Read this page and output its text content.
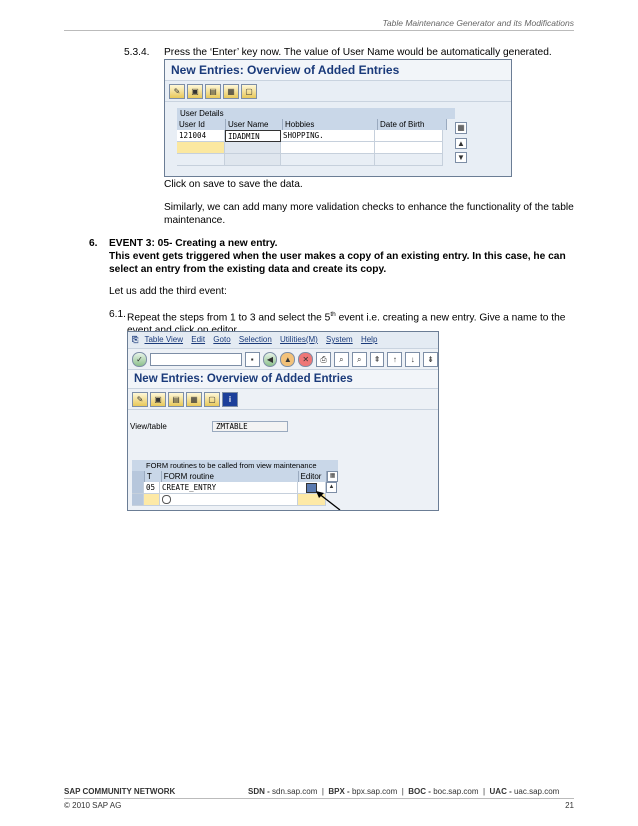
Table Maintenance Generator and its Modifications
5.3.4. Press the ‘Enter’ key now. The value of User Name would be automatically generated.
New Entries: Overview of Added Entries
✎	▣	▤	▦	▢
User Details
User Id	User Name	Hobbies	Date of Birth
121004	IDADMIN	SHOPPING.
▦
▲
▼
Click on save to save the data.
Similarly, we can add many more validation checks to enhance the functionality of the table maintenance.
6. EVENT 3: 05- Creating a new entry.
This event gets triggered when the user makes a copy of an existing entry. In this case, he can select an entry from the existing data and create its copy.
Let us add the third event:
6.1. Repeat the steps from 1 to 3 and select the 5th event i.e. creating a new entry. Give a name to the
⎘ Table View Edit Goto Selection Utilities(M) System Help
✓	▪	◀	▲	✕	⎙	⌕	⌕	⇞	↑	↓	⇟
New Entries: Overview of Added Entries
✎	▣	▤	▦	▢	i
View/table	ZMTABLE
FORM routines to be called from view maintenance
T	FORM routine	Editor	▦
05 CREATE_ENTRY	▲
SAP COMMUNITY NETWORK	SDN - sdn.sap.com | BPX - bpx.sap.com | BOC - boc.sap.com | UAC - uac.sap.com
© 2010 SAP AG	21
